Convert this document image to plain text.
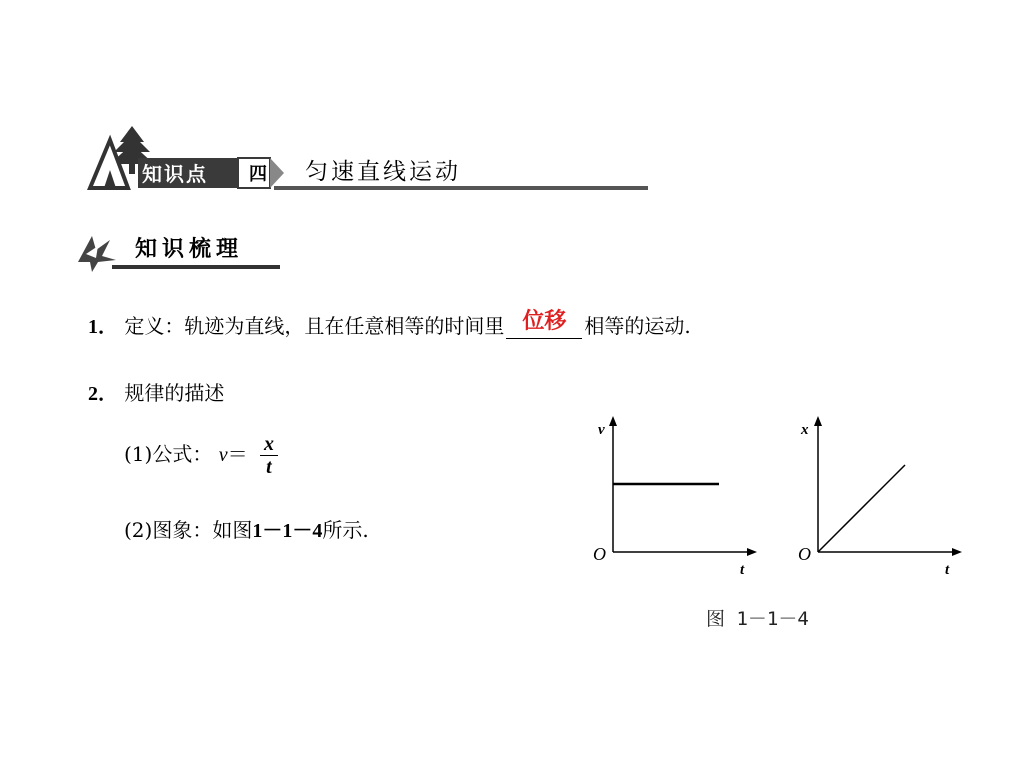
知识点	四 匀速直线运动
知识梳理
1． 定义：轨迹为直线，且在任意相等的时间里 位移 相等的运动.
2． 规律的描述
(1)公式： $v= \frac{x}{t}$
(2)图象：如图1－1－4所示.
v
t
O
x
t
O
图 1－1－4
